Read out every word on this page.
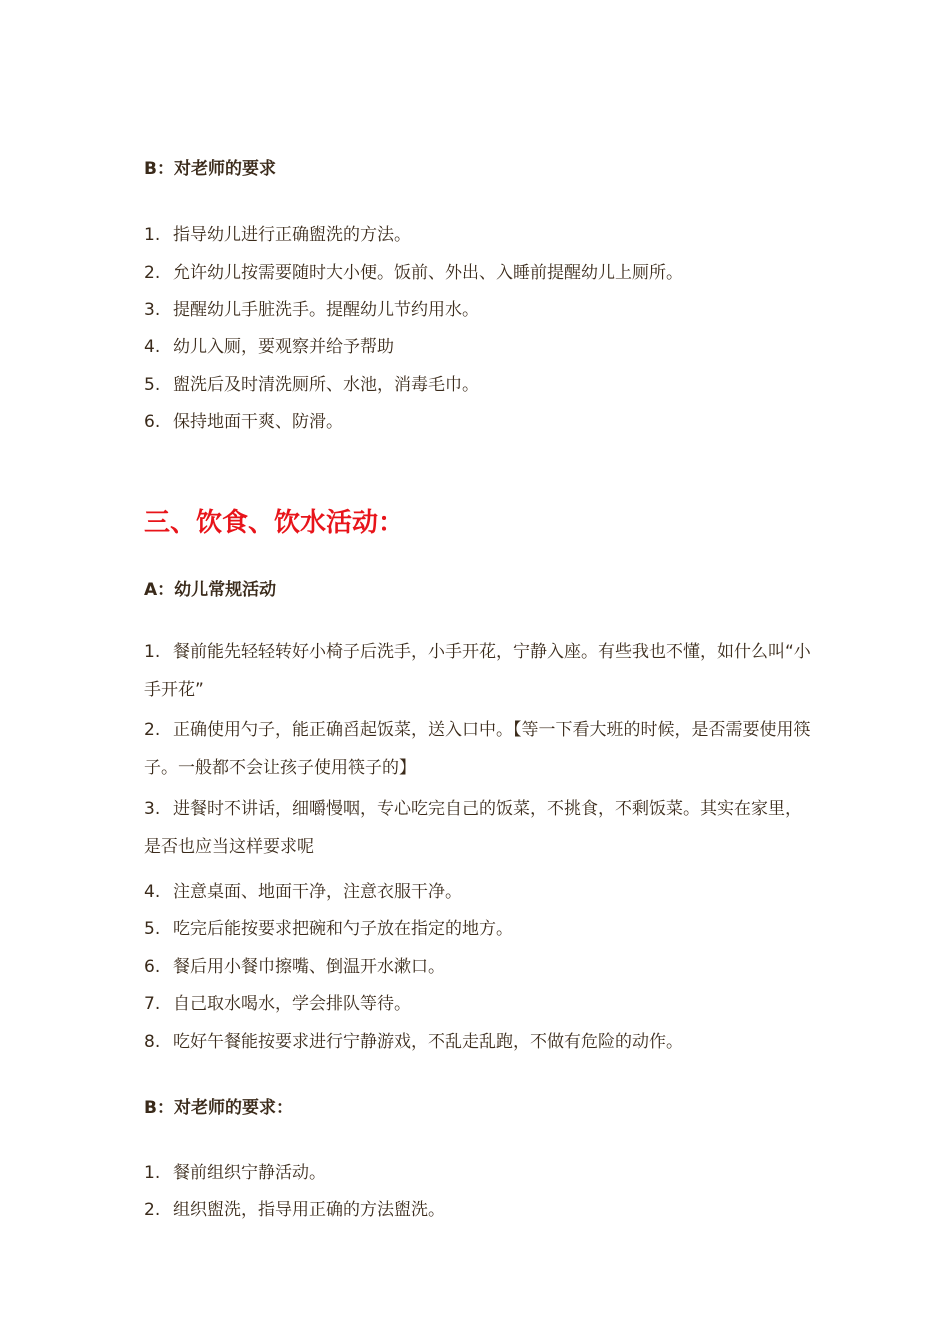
B：对老师的要求
1. 指导幼儿进行正确盥洗的方法。
2. 允许幼儿按需要随时大小便。饭前、外出、入睡前提醒幼儿上厕所。
3. 提醒幼儿手脏洗手。提醒幼儿节约用水。
4. 幼儿入厕，要观察并给予帮助
5. 盥洗后及时清洗厕所、水池，消毒毛巾。
6. 保持地面干爽、防滑。
三、饮食、饮水活动：
A：幼儿常规活动
1. 餐前能先轻轻转好小椅子后洗手，小手开花，宁静入座。有些我也不懂，如什么叫“小手开花”
2. 正确使用勺子，能正确舀起饭菜，送入口中。【等一下看大班的时候，是否需要使用筷子。一般都不会让孩子使用筷子的】
3. 进餐时不讲话，细嚼慢咽，专心吃完自己的饭菜，不挑食，不剩饭菜。其实在家里，是否也应当这样要求呢
4. 注意桌面、地面干净，注意衣服干净。
5. 吃完后能按要求把碗和勺子放在指定的地方。
6. 餐后用小餐巾擦嘴、倒温开水漱口。
7. 自己取水喝水，学会排队等待。
8. 吃好午餐能按要求进行宁静游戏，不乱走乱跑，不做有危险的动作。
B：对老师的要求：
1. 餐前组织宁静活动。
2. 组织盥洗，指导用正确的方法盥洗。
